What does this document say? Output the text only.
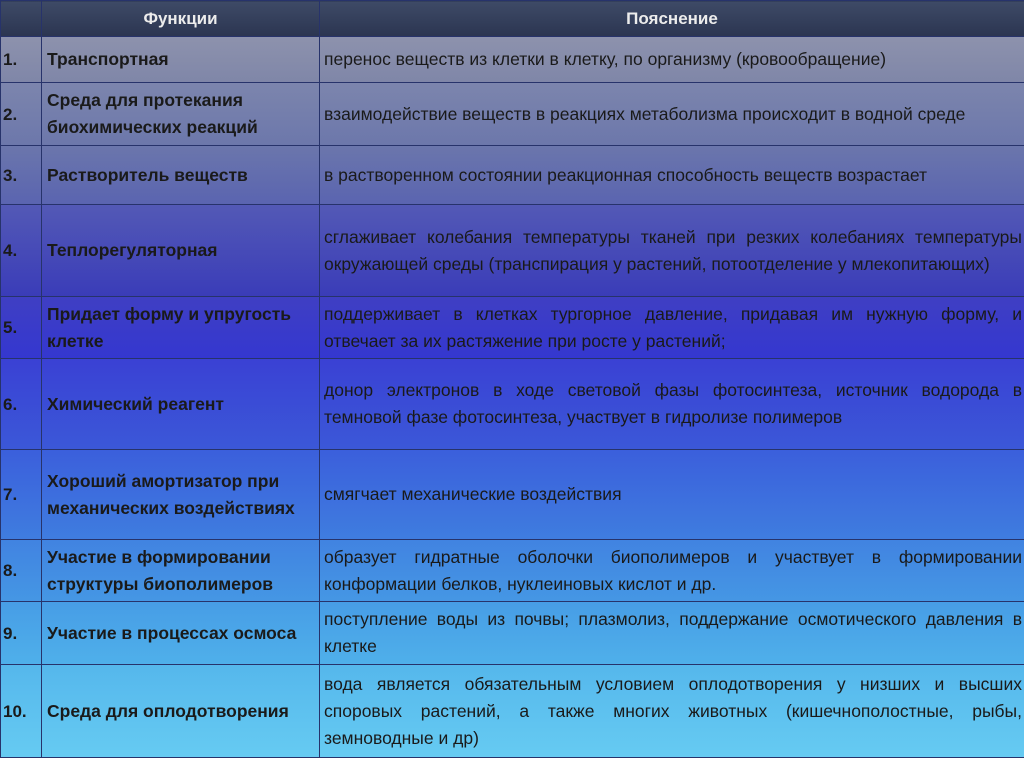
	Функции	Пояснение
1.	Транспортная	перенос веществ из клетки в клетку, по организму (кровообращение)
2.	Среда для протекания биохимических реакций	взаимодействие веществ в реакциях метаболизма происходит в водной среде
3.	Растворитель веществ	в растворенном состоянии реакционная способность веществ возрастает
4.	Теплорегуляторная	сглаживает колебания температуры тканей при резких колебаниях температуры окружающей среды (транспирация у растений, потоотделение у млекопитающих)
5.	Придает форму и упругость клетке	поддерживает в клетках тургорное давление, придавая им нужную форму, и отвечает за их растяжение при росте у растений;
6.	Химический реагент	донор электронов в ходе световой фазы фотосинтеза, источник водорода в темновой фазе фотосинтеза, участвует в гидролизе полимеров
7.	Хороший амортизатор при механических воздействиях	смягчает механические воздействия
8.	Участие в формировании структуры биополимеров	образует гидратные оболочки биополимеров и участвует в формировании конформации белков, нуклеиновых кислот и др.
9.	Участие в процессах осмоса	поступление воды из почвы; плазмолиз, поддержание осмотического давления в клетке
10.	Среда для оплодотворения	вода является обязательным условием оплодотворения у низших и высших споровых растений, а также многих животных (кишечнополостные, рыбы, земноводные и др)
